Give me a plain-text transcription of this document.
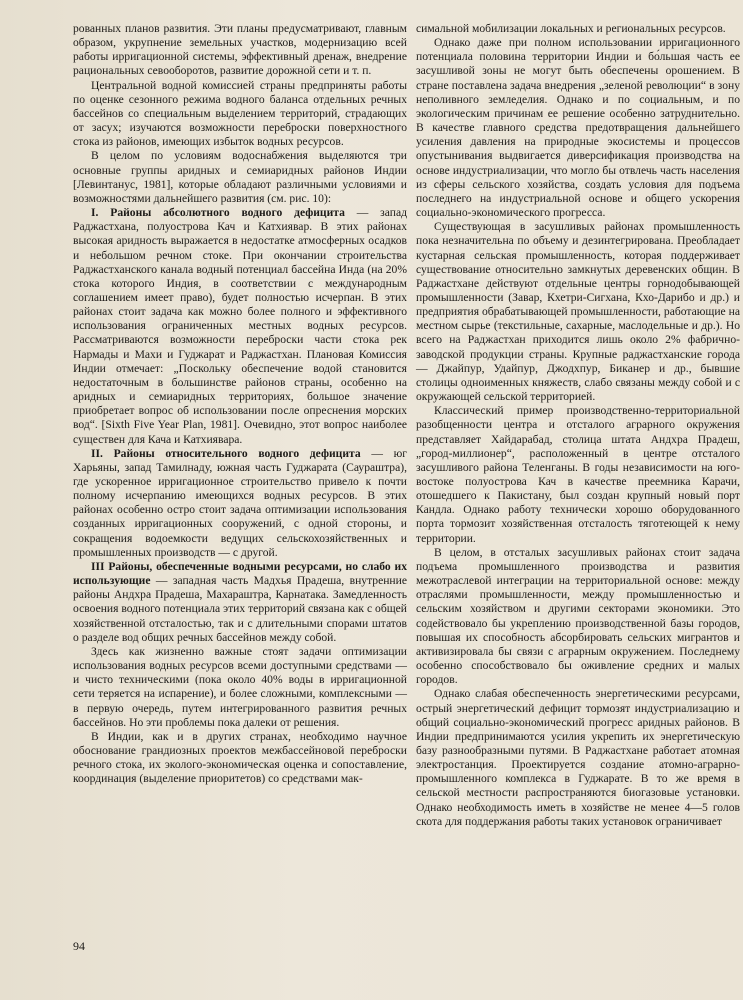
рованных планов развития. Эти планы предусматривают, главным образом, укрупнение земельных участков, модернизацию всей работы ирригационной системы, эффективный дренаж, внедрение рациональных севооборотов, развитие дорожной сети и т. п.

Центральной водной комиссией страны предприняты работы по оценке сезонного режима водного баланса отдельных речных бассейнов со специальным выделением территорий, страдающих от засух; изучаются возможности переброски поверхностного стока из районов, имеющих избыток водных ресурсов.

В целом по условиям водоснабжения выделяются три основные группы аридных и семиаридных районов Индии [Левинтанус, 1981], которые обладают различными условиями и возможностями дальнейшего развития (см. рис. 10):

I. Районы абсолютного водного дефицита — запад Раджастхана, полуострова Кач и Катхиявар. В этих районах высокая аридность выражается в недостатке атмосферных осадков и небольшом речном стоке. При окончании строительства Раджастханского канала водный потенциал бассейна Инда (на 20% стока которого Индия, в соответствии с международным соглашением имеет право), будет полностью исчерпан. В этих районах стоит задача как можно более полного и эффективного использования ограниченных местных водных ресурсов. Рассматриваются возможности переброски части стока рек Нармады и Махи и Гуджарат и Раджастхан. Плановая Комиссия Индии отмечает: „Поскольку обеспечение водой становится недостаточным в большинстве районов страны, особенно на аридных и семиаридных территориях, большое значение приобретает вопрос об использовании после опреснения морских вод“. [Sixth Five Year Plan, 1981]. Очевидно, этот вопрос наиболее существен для Кача и Катхиявара.

II. Районы относительного водного дефицита — юг Харьяны, запад Тамилнаду, южная часть Гуджарата (Саураштра), где ускоренное ирригационное строительство привело к почти полному исчерпанию имеющихся водных ресурсов. В этих районах особенно остро стоит задача оптимизации использования созданных ирригационных сооружений, с одной стороны, и сокращения водоемкости ведущих сельскохозяйственных и промышленных производств — с другой.

III Районы, обеспеченные водными ресурсами, но слабо их использующие — западная часть Мадхья Прадеша, внутренние районы Андхра Прадеша, Махараштра, Карнатака. Замедленность освоения водного потенциала этих территорий связана как с общей хозяйственной отсталостью, так и с длительными спорами штатов о разделе вод общих речных бассейнов между собой.

Здесь как жизненно важные стоят задачи оптимизации использования водных ресурсов всеми доступными средствами — и чисто техническими (пока около 40% воды в ирригационной сети теряется на испарение), и более сложными, комплексными — в первую очередь, путем интегрированного развития речных бассейнов. Но эти проблемы пока далеки от решения.

В Индии, как и в других странах, необходимо научное обоснование грандиозных проектов межбассейновой переброски речного стока, их эколого-экономическая оценка и сопоставление, координация (выделение приоритетов) со средствами мак-

симальной мобилизации локальных и региональных ресурсов.

Однако даже при полном использовании ирригационного потенциала половина территории Индии и бо́льшая часть ее засушливой зоны не могут быть обеспечены орошением. В стране поставлена задача внедрения „зеленой революции“ в зону неполивного земледелия. Однако и по социальным, и по экологическим причинам ее решение особенно затруднительно. В качестве главного средства предотвращения дальнейшего усиления давления на природные экосистемы и процессов опустынивания выдвигается диверсификация производства на основе индустриализации, что могло бы отвлечь часть населения из сферы сельского хозяйства, создать условия для подъема последнего на индустриальной основе и общего ускорения социально-экономического прогресса.

Существующая в засушливых районах промышленность пока незначительна по объему и дезинтегрирована. Преобладает кустарная сельская промышленность, которая поддерживает существование относительно замкнутых деревенских общин. В Раджастхане действуют отдельные центры горнодобывающей промышленности (Завар, Кхетри-Сигхана, Кхо-Дарибо и др.) и предприятия обрабатывающей промышленности, работающие на местном сырье (текстильные, сахарные, маслодельные и др.). Но всего на Раджастхан приходится лишь около 2% фабрично-заводской продукции страны. Крупные раджастханские города — Джайпур, Удайпур, Джодхпур, Биканер и др., бывшие столицы одноименных княжеств, слабо связаны между собой и с окружающей сельской территорией.

Классический пример производственно-территориальной разобщенности центра и отсталого аграрного окружения представляет Хайдарабад, столица штата Андхра Прадеш, „город-миллионер“, расположенный в центре отсталого засушливого района Теленганы. В годы независимости на юго-востоке полуострова Кач в качестве преемника Карачи, отошедшего к Пакистану, был создан крупный новый порт Кандла. Однако работу технически хорошо оборудованного порта тормозит хозяйственная отсталость тяготеющей к нему территории.

В целом, в отсталых засушливых районах стоит задача подъема промышленного производства и развития межотраслевой интеграции на территориальной основе: между отраслями промышленности, между промышленностью и сельским хозяйством и другими секторами экономики. Это содействовало бы укреплению производственной базы городов, повышая их способность абсорбировать сельских мигрантов и активизировала бы связи с аграрным окружением. Последнему особенно способствовало бы оживление средних и малых городов.

Однако слабая обеспеченность энергетическими ресурсами, острый энергетический дефицит тормозят индустриализацию и общий социально-экономический прогресс аридных районов. В Индии предпринимаются усилия укрепить их энергетическую базу разнообразными путями. В Раджастхане работает атомная электростанция. Проектируется создание атомно-аграрно-промышленного комплекса в Гуджарате. В то же время в сельской местности распространяются биогазовые установки. Однако необходимость иметь в хозяйстве не менее 4—5 голов скота для поддержания работы таких установок ограничивает

94
